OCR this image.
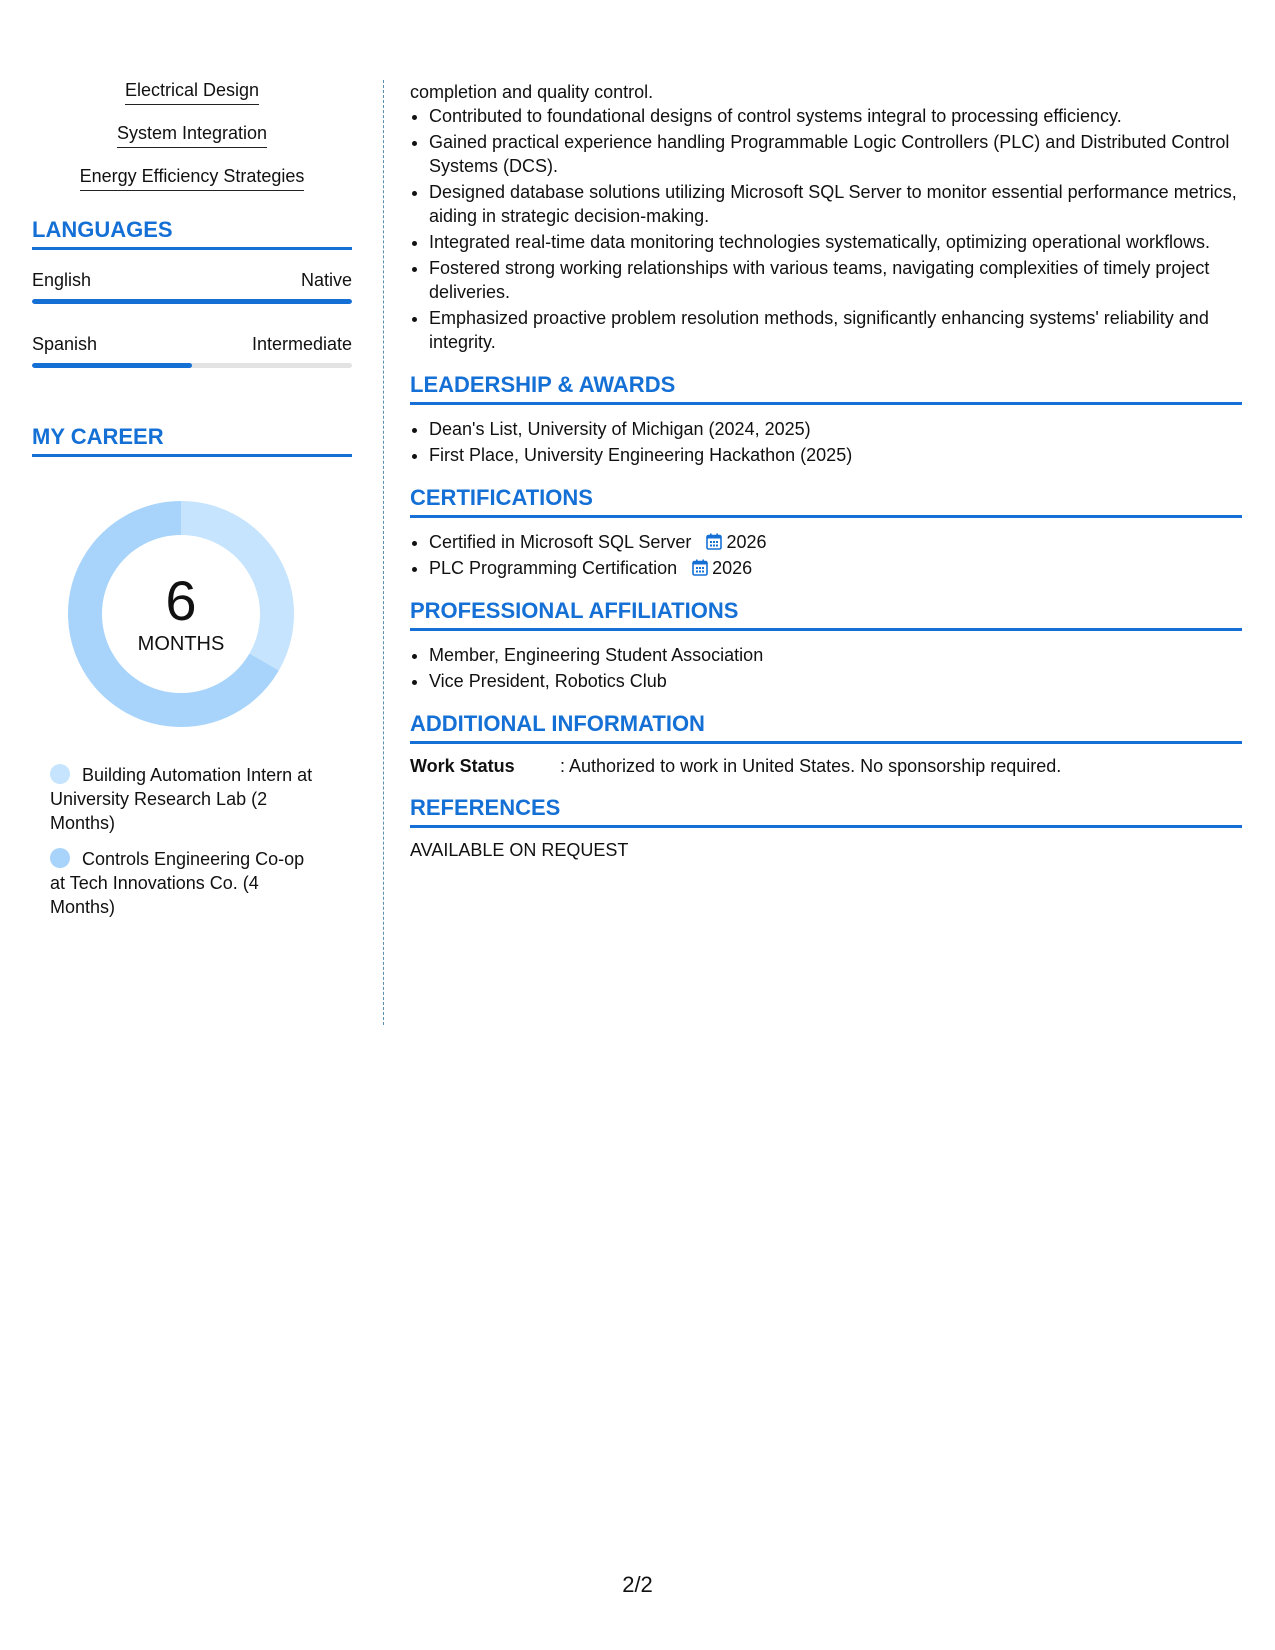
Electrical Design
System Integration
Energy Efficiency Strategies
LANGUAGES
English	Native
Spanish	Intermediate
MY CAREER
6
MONTHS
Building Automation Intern at University Research Lab (2 Months)
Controls Engineering Co-op at Tech Innovations Co. (4 Months)
completion and quality control.
• Contributed to foundational designs of control systems integral to processing efficiency.
• Gained practical experience handling Programmable Logic Controllers (PLC) and Distributed Control Systems (DCS).
• Designed database solutions utilizing Microsoft SQL Server to monitor essential performance metrics, aiding in strategic decision-making.
• Integrated real-time data monitoring technologies systematically, optimizing operational workflows.
• Fostered strong working relationships with various teams, navigating complexities of timely project deliveries.
• Emphasized proactive problem resolution methods, significantly enhancing systems' reliability and integrity.
LEADERSHIP & AWARDS
• Dean's List, University of Michigan (2024, 2025)
• First Place, University Engineering Hackathon (2025)
CERTIFICATIONS
• Certified in Microsoft SQL Server 2026
• PLC Programming Certification 2026
PROFESSIONAL AFFILIATIONS
• Member, Engineering Student Association
• Vice President, Robotics Club
ADDITIONAL INFORMATION
Work Status	: Authorized to work in United States. No sponsorship required.
REFERENCES
AVAILABLE ON REQUEST
2/2
